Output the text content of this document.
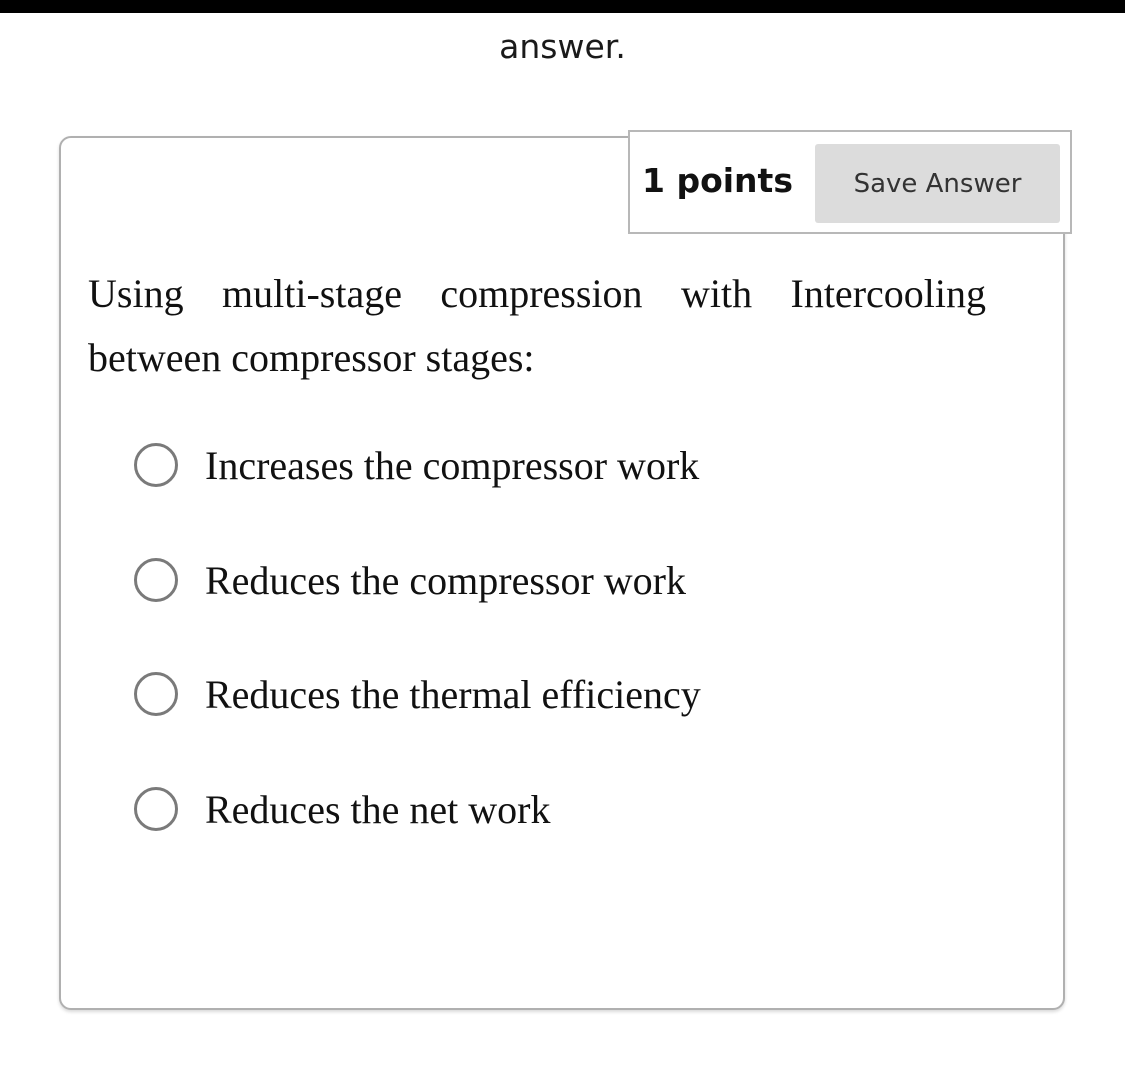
answer.
1 points	Save Answer
Using multi-stage compression with Intercooling between compressor stages:
Increases the compressor work
Reduces the compressor work
Reduces the thermal efficiency
Reduces the net work
